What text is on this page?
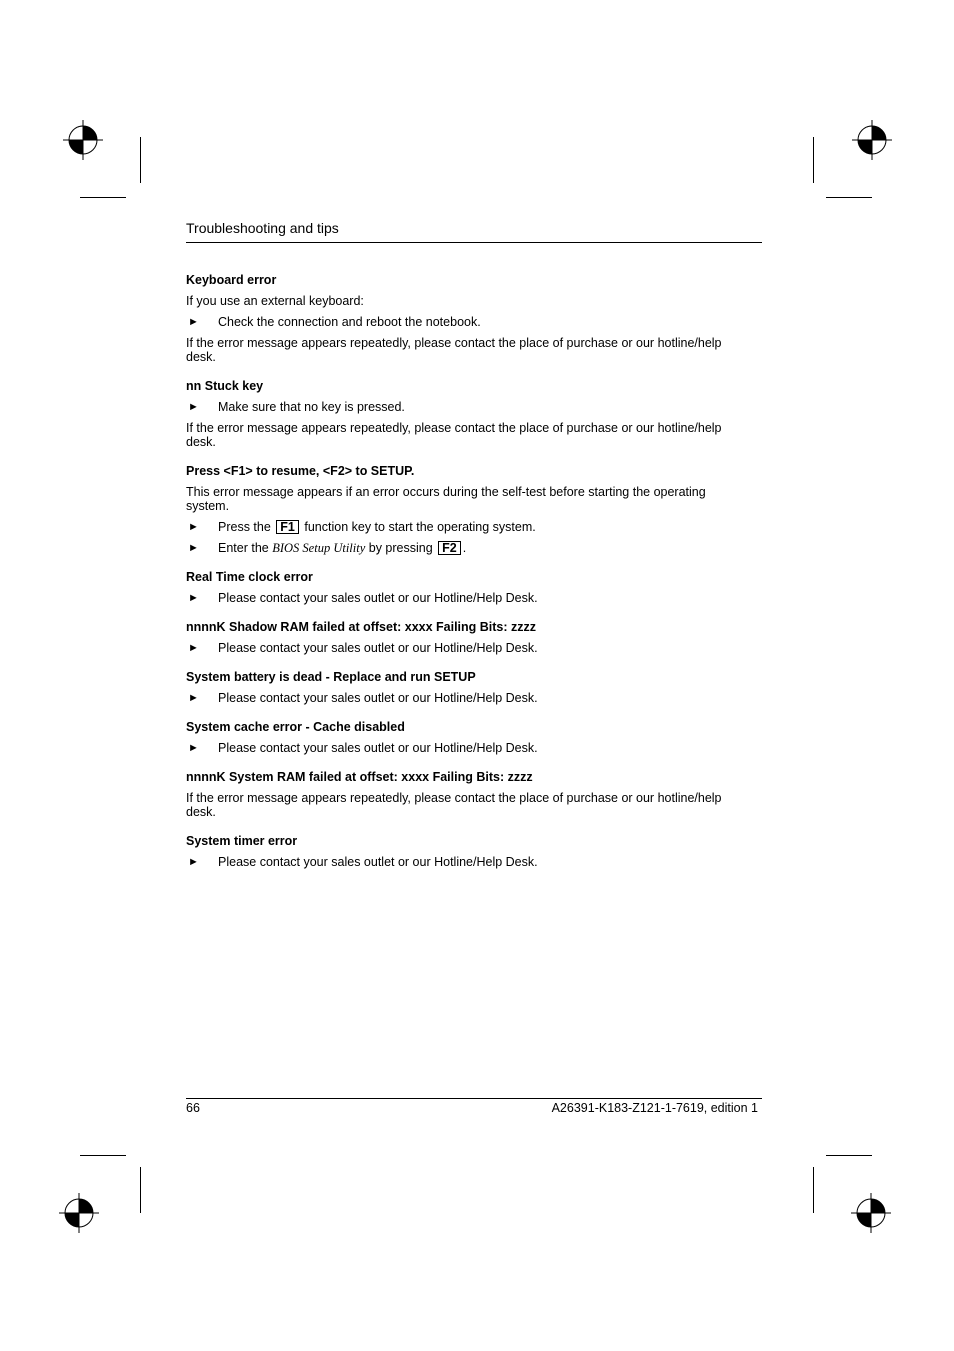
Troubleshooting and tips
Keyboard error
If you use an external keyboard:
► Check the connection and reboot the notebook.
If the error message appears repeatedly, please contact the place of purchase or our hotline/help desk.
nn Stuck key
► Make sure that no key is pressed.
If the error message appears repeatedly, please contact the place of purchase or our hotline/help desk.
Press <F1> to resume, <F2> to SETUP.
This error message appears if an error occurs during the self-test before starting the operating system.
► Press the F1 function key to start the operating system.
► Enter the BIOS Setup Utility by pressing F2 .
Real Time clock error
► Please contact your sales outlet or our Hotline/Help Desk.
nnnnK Shadow RAM failed at offset: xxxx Failing Bits: zzzz
► Please contact your sales outlet or our Hotline/Help Desk.
System battery is dead - Replace and run SETUP
► Please contact your sales outlet or our Hotline/Help Desk.
System cache error - Cache disabled
► Please contact your sales outlet or our Hotline/Help Desk.
nnnnK System RAM failed at offset: xxxx Failing Bits: zzzz
If the error message appears repeatedly, please contact the place of purchase or our hotline/help desk.
System timer error
► Please contact your sales outlet or our Hotline/Help Desk.
66	A26391-K183-Z121-1-7619, edition 1
